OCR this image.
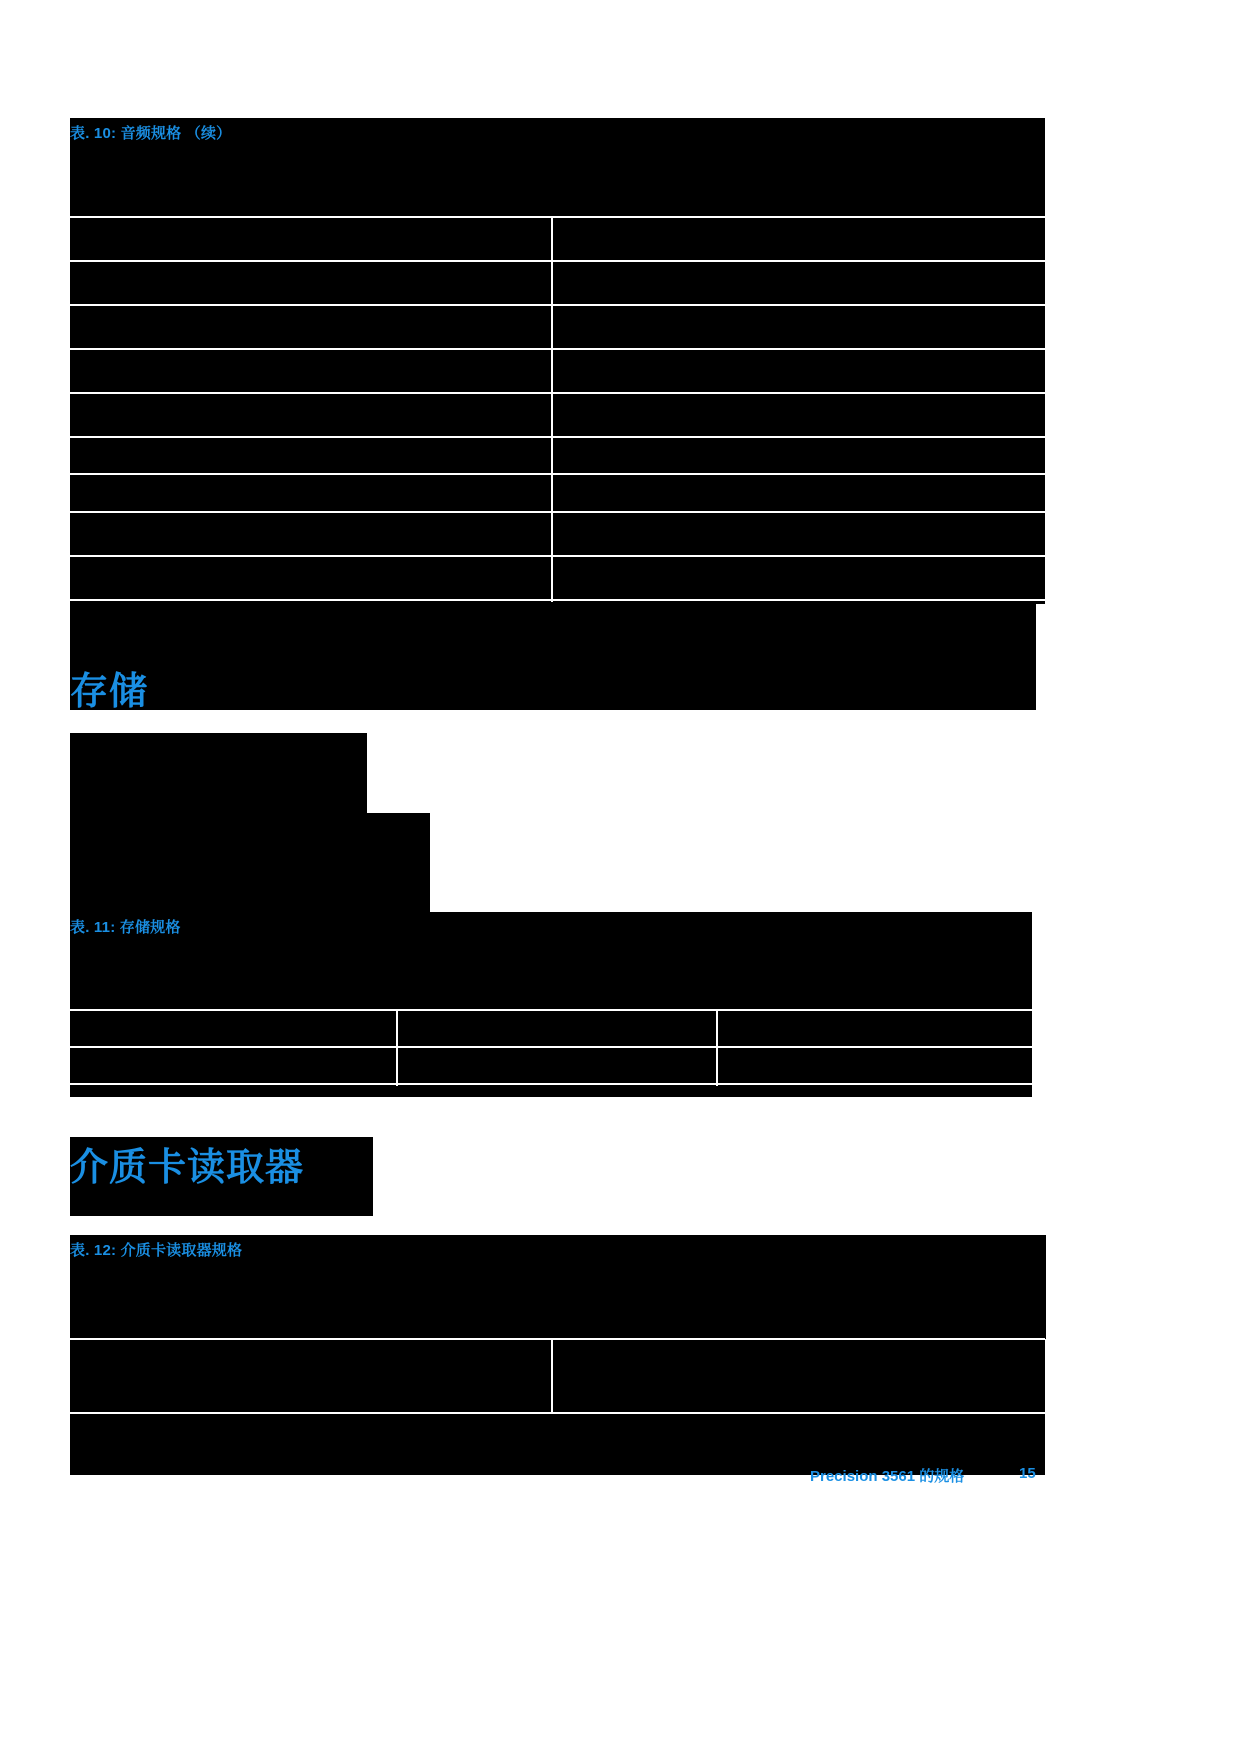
表. 10: 音频规格 （续）
存储
表. 11: 存储规格
介质卡读取器
表. 12: 介质卡读取器规格
Precision 3561 的规格	15
